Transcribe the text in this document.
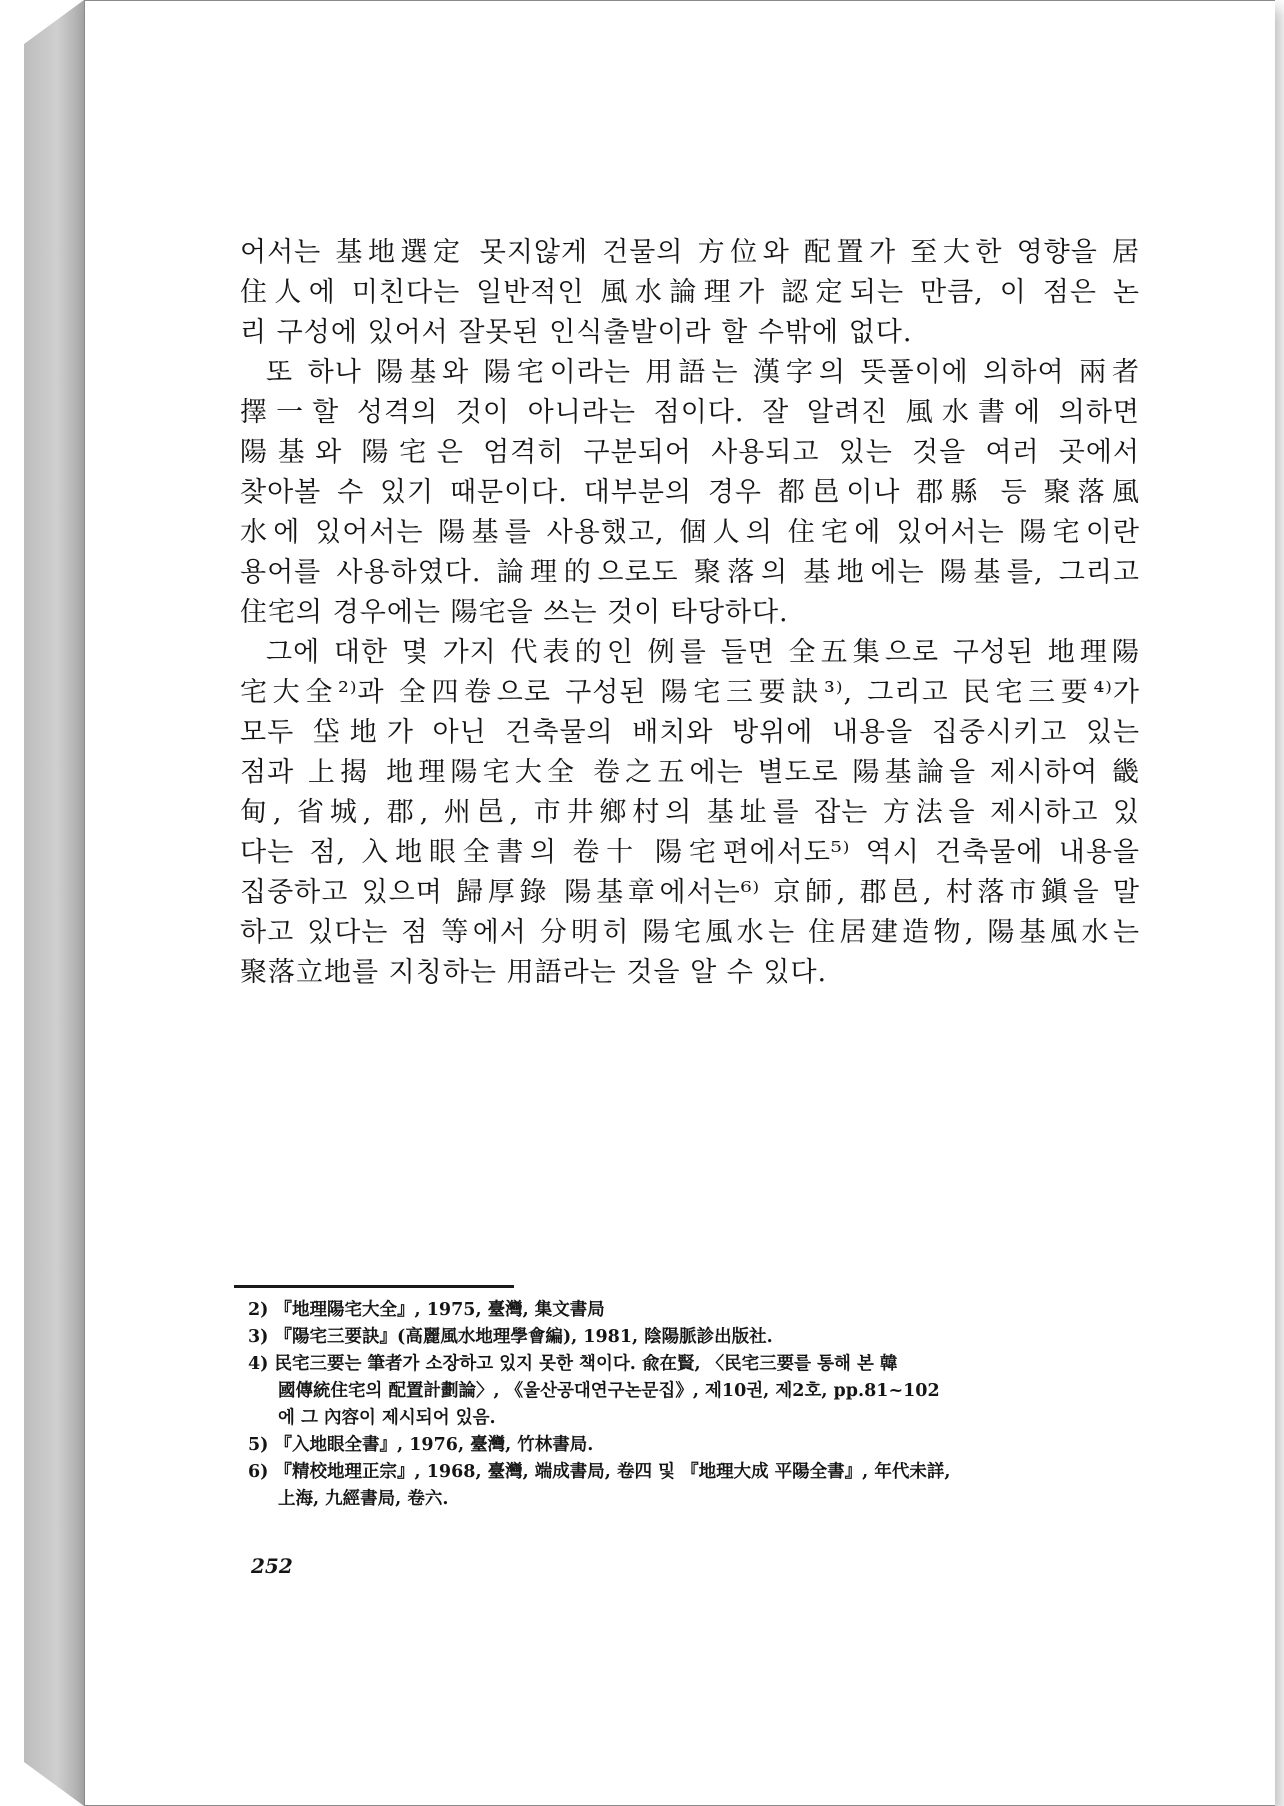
어서는 基地選定 못지않게 건물의 方位와 配置가 至大한 영향을 居
住人에 미친다는 일반적인 風水論理가 認定되는 만큼, 이 점은 논
리 구성에 있어서 잘못된 인식출발이라 할 수밖에 없다.
또 하나 陽基와 陽宅이라는 用語는 漢字의 뜻풀이에 의하여 兩者
擇一할 성격의 것이 아니라는 점이다. 잘 알려진 風水書에 의하면
陽基와 陽宅은 엄격히 구분되어 사용되고 있는 것을 여러 곳에서
찾아볼 수 있기 때문이다. 대부분의 경우 都邑이나 郡縣 등 聚落風
水에 있어서는 陽基를 사용했고, 個人의 住宅에 있어서는 陽宅이란
용어를 사용하였다. 論理的으로도 聚落의 基地에는 陽基를, 그리고
住宅의 경우에는 陽宅을 쓰는 것이 타당하다.
그에 대한 몇 가지 代表的인 例를 들면 全五集으로 구성된 地理陽
宅大全²⁾과 全四卷으로 구성된 陽宅三要訣³⁾, 그리고 民宅三要⁴⁾가
모두 垈地가 아닌 건축물의 배치와 방위에 내용을 집중시키고 있는
점과 上揭 地理陽宅大全 卷之五에는 별도로 陽基論을 제시하여 畿
甸, 省城, 郡, 州邑, 市井鄉村의 基址를 잡는 方法을 제시하고 있
다는 점, 入地眼全書의 卷十 陽宅편에서도⁵⁾ 역시 건축물에 내용을
집중하고 있으며 歸厚錄 陽基章에서는⁶⁾ 京師, 郡邑, 村落市鎭을 말
하고 있다는 점 等에서 分明히 陽宅風水는 住居建造物, 陽基風水는
聚落立地를 지칭하는 用語라는 것을 알 수 있다.
2) 『地理陽宅大全』, 1975, 臺灣, 集文書局
3) 『陽宅三要訣』(高麗風水地理學會編), 1981, 陰陽脈診出版社.
4) 民宅三要는 筆者가 소장하고 있지 못한 책이다. 兪在賢, 〈民宅三要를 통해 본 韓
國傳統住宅의 配置計劃論〉, 《울산공대연구논문집》, 제10권, 제2호, pp.81~102
에 그 內容이 제시되어 있음.
5) 『入地眼全書』, 1976, 臺灣, 竹林書局.
6) 『精校地理正宗』, 1968, 臺灣, 端成書局, 卷四 및 『地理大成 平陽全書』, 年代未詳,
上海, 九經書局, 卷六.
252
